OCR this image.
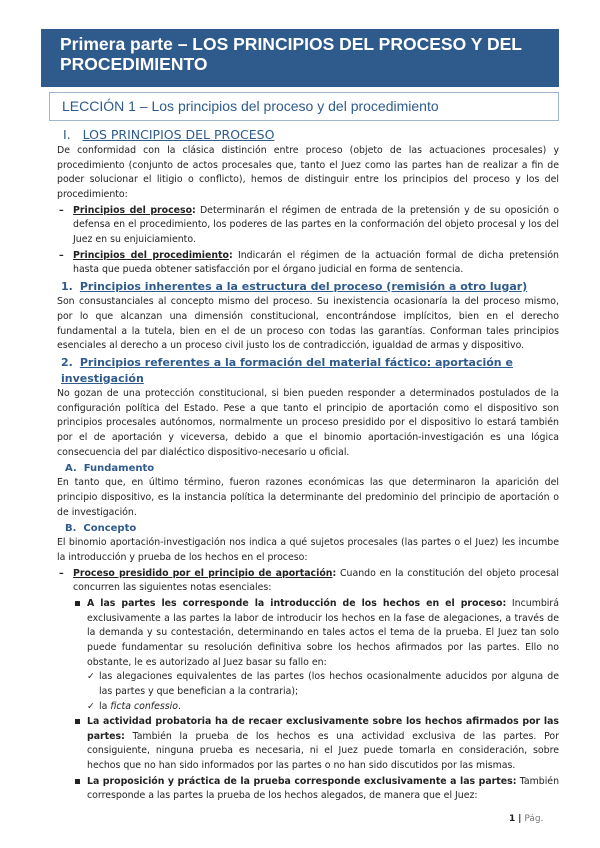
Primera parte – LOS PRINCIPIOS DEL PROCESO Y DEL PROCEDIMIENTO
LECCIÓN 1 – Los principios del proceso y del procedimiento
I. LOS PRINCIPIOS DEL PROCESO

De conformidad con la clásica distinción entre proceso (objeto de las actuaciones procesales) y procedimiento (conjunto de actos procesales que, tanto el Juez como las partes han de realizar a fin de poder solucionar el litigio o conflicto), hemos de distinguir entre los principios del proceso y los del procedimiento:

– Principios del proceso: Determinarán el régimen de entrada de la pretensión y de su oposición o defensa en el procedimiento, los poderes de las partes en la conformación del objeto procesal y los del Juez en su enjuiciamiento.

– Principios del procedimiento: Indicarán el régimen de la actuación formal de dicha pretensión hasta que pueda obtener satisfacción por el órgano judicial en forma de sentencia.

1. Principios inherentes a la estructura del proceso (remisión a otro lugar)

Son consustanciales al concepto mismo del proceso. Su inexistencia ocasionaría la del proceso mismo, por lo que alcanzan una dimensión constitucional, encontrándose implícitos, bien en el derecho fundamental a la tutela, bien en el de un proceso con todas las garantías. Conforman tales principios esenciales al derecho a un proceso civil justo los de contradicción, igualdad de armas y dispositivo.

2. Principios referentes a la formación del material fáctico: aportación e investigación

No gozan de una protección constitucional, si bien pueden responder a determinados postulados de la configuración política del Estado. Pese a que tanto el principio de aportación como el dispositivo son principios procesales autónomos, normalmente un proceso presidido por el dispositivo lo estará también por el de aportación y viceversa, debido a que el binomio aportación-investigación es una lógica consecuencia del par dialéctico dispositivo-necesario u oficial.

A. Fundamento

En tanto que, en último término, fueron razones económicas las que determinaron la aparición del principio dispositivo, es la instancia política la determinante del predominio del principio de aportación o de investigación.

B. Concepto

El binomio aportación-investigación nos indica a qué sujetos procesales (las partes o el Juez) les incumbe la introducción y prueba de los hechos en el proceso:

– Proceso presidido por el principio de aportación: Cuando en la constitución del objeto procesal concurren las siguientes notas esenciales:

A las partes les corresponde la introducción de los hechos en el proceso: Incumbirá exclusivamente a las partes la labor de introducir los hechos en la fase de alegaciones, a través de la demanda y su contestación, determinando en tales actos el tema de la prueba. El Juez tan solo puede fundamentar su resolución definitiva sobre los hechos afirmados por las partes. Ello no obstante, le es autorizado al Juez basar su fallo en:

✓ las alegaciones equivalentes de las partes (los hechos ocasionalmente aducidos por alguna de las partes y que benefician a la contraria);

✓ la ficta confessio.

La actividad probatoria ha de recaer exclusivamente sobre los hechos afirmados por las partes: También la prueba de los hechos es una actividad exclusiva de las partes. Por consiguiente, ninguna prueba es necesaria, ni el Juez puede tomarla en consideración, sobre hechos que no han sido informados por las partes o no han sido discutidos por las mismas.

La proposición y práctica de la prueba corresponde exclusivamente a las partes: También corresponde a las partes la prueba de los hechos alegados, de manera que el Juez:

1 | Pág.
